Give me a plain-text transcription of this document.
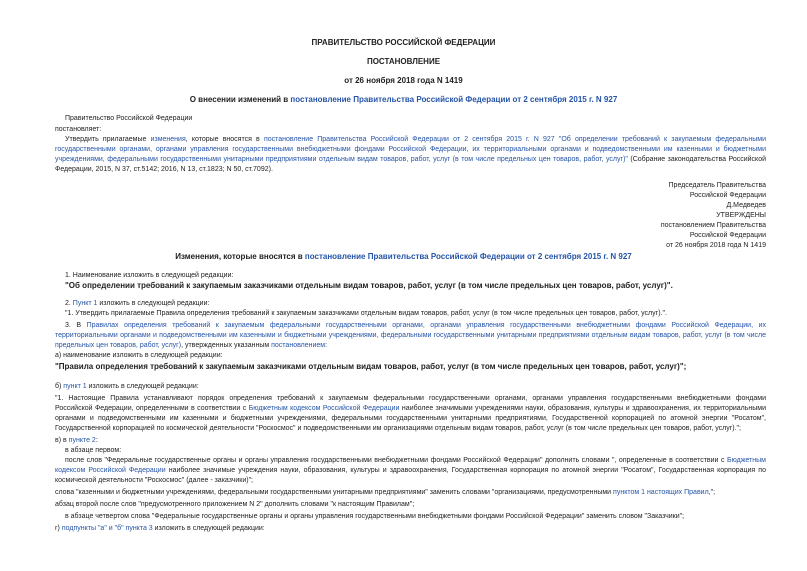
ПРАВИТЕЛЬСТВО РОССИЙСКОЙ ФЕДЕРАЦИИ
ПОСТАНОВЛЕНИЕ
от 26 ноября 2018 года N 1419
О внесении изменений в постановление Правительства Российской Федерации от 2 сентября 2015 г. N 927
Правительство Российской Федерации
постановляет:
Утвердить прилагаемые изменения, которые вносятся в постановление Правительства Российской Федерации от 2 сентября 2015 г. N 927 "Об определении требований к закупаемым федеральными
государственными органами, органами управления государственными внебюджетными фондами Российской Федерации, их территориальными органами и подведомственными им казенными и бюджетными
учреждениями, федеральными государственными унитарными предприятиями отдельным видам товаров, работ, услуг (в том числе предельных цен товаров, работ, услуг)" (Собрание законодательства Российской
Федерации, 2015, N 37, ст.5142; 2016, N 13, ст.1823; N 50, ст.7092).
Председатель Правительства
Российской Федерации
Д.Медведев
УТВЕРЖДЕНЫ
постановлением Правительства
Российской Федерации
от 26 ноября 2018 года N 1419
Изменения, которые вносятся в постановление Правительства Российской Федерации от 2 сентября 2015 г. N 927
1. Наименование изложить в следующей редакции:
"Об определении требований к закупаемым заказчиками отдельным видам товаров, работ, услуг (в том числе предельных цен товаров, работ, услуг)".
2. Пункт 1 изложить в следующей редакции:
"1. Утвердить прилагаемые Правила определения требований к закупаемым заказчиками отдельным видам товаров, работ, услуг (в том числе предельных цен товаров, работ, услуг).".
3. В Правилах определения требований к закупаемым федеральными государственными органами, органами управления государственными внебюджетными фондами Российской Федерации, их
территориальными органами и подведомственными им казенными и бюджетными учреждениями, федеральными государственными унитарными предприятиями отдельным видам товаров, работ, услуг (в том числе
предельных цен товаров, работ, услуг), утвержденных указанным постановлением:
а) наименование изложить в следующей редакции:
"Правила определения требований к закупаемым заказчиками отдельным видам товаров, работ, услуг (в том числе предельных цен товаров, работ, услуг)";
б) пункт 1 изложить в следующей редакции:
"1. Настоящие Правила устанавливают порядок определения требований к закупаемым федеральными государственными органами, органами управления государственными внебюджетными фондами
Российской Федерации, определенными в соответствии с Бюджетным кодексом Российской Федерации наиболее значимыми учреждениями науки, образования, культуры и здравоохранения, их территориальными
органами и подведомственными им казенными и бюджетными учреждениями, федеральными государственными унитарными предприятиями, Государственной корпорацией по атомной энергии "Росатом",
Государственной корпорацией по космической деятельности "Роскосмос" и подведомственными им организациями отдельным видам товаров, работ, услуг (в том числе предельных цен товаров, работ, услуг).";
в) в пункте 2:
в абзаце первом:
после слов "Федеральные государственные органы и органы управления государственными внебюджетными фондами Российской Федерации" дополнить словами ", определенные в соответствии с Бюджетным
кодексом Российской Федерации наиболее значимые учреждения науки, образования, культуры и здравоохранения, Государственная корпорация по атомной энергии "Росатом", Государственная корпорация по
космической деятельности "Роскосмос" (далее - заказчики)";
слова "казенными и бюджетными учреждениями, федеральными государственными унитарными предприятиями" заменить словами "организациями, предусмотренными пунктом 1 настоящих Правил,";
абзац второй после слов "предусмотренного приложением N 2" дополнить словами "к настоящим Правилам";
в абзаце четвертом слова "Федеральные государственные органы и органы управления государственными внебюджетными фондами Российской Федерации" заменить словом "Заказчики";
г) подпункты "а" и "б" пункта 3 изложить в следующей редакции:
